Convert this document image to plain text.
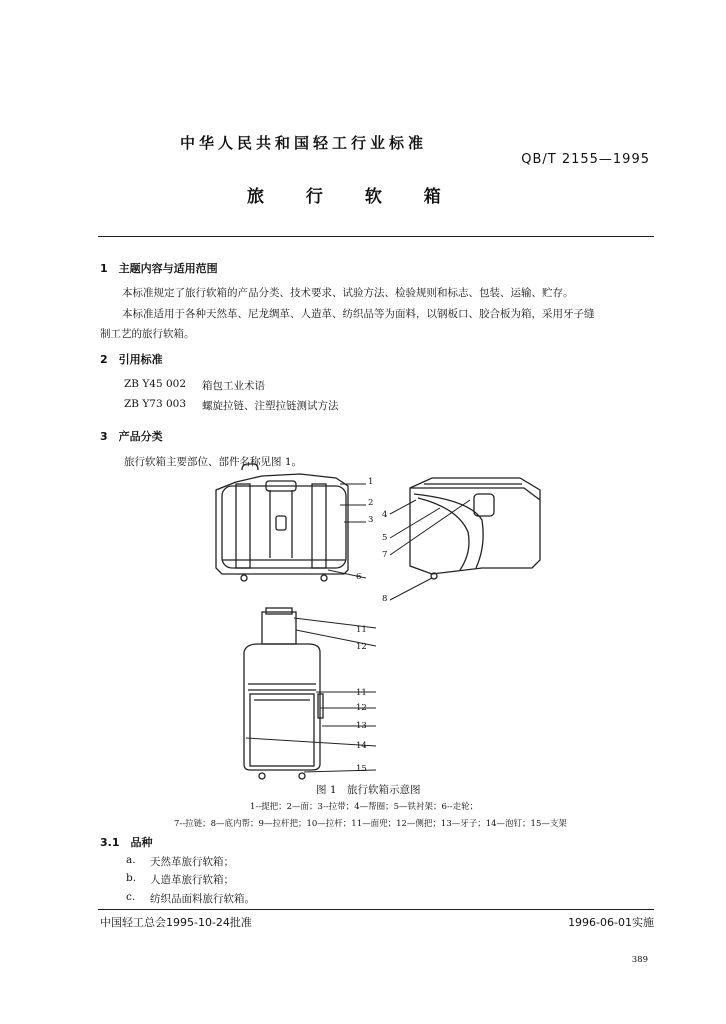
中华人民共和国轻工行业标准
QB/T 2155—1995
旅 行 软 箱
1　主题内容与适用范围
本标准规定了旅行软箱的产品分类、技术要求、试验方法、检验规则和标志、包装、运输、贮存。
本标准适用于各种天然革、尼龙绸革、人造革、纺织品等为面料，以钢板口、胶合板为箱，采用牙子缝
制工艺的旅行软箱。
2　引用标准
ZB Y45 002 箱包工业术语
ZB Y73 003 螺旋拉链、注塑拉链测试方法
3　产品分类
旅行软箱主要部位、部件名称见图 1。
1
2
3 4
5
7
6
8
11
12
11
12
13
14
15
图 1　旅行软箱示意图
1--提把；2—面；3--拉带；4—帮圈；5—铁衬架；6--走轮；
7--拉链；8—底内帮；9—拉杆把；10—拉杆；11—面兜；12—侧把；13—牙子；14—泡钉；15—支架
3.1　品种
a. 天然革旅行软箱；
b. 人造革旅行软箱；
c. 纺织品面料旅行软箱。
中国轻工总会1995-10-24批准	1996-06-01实施
389
